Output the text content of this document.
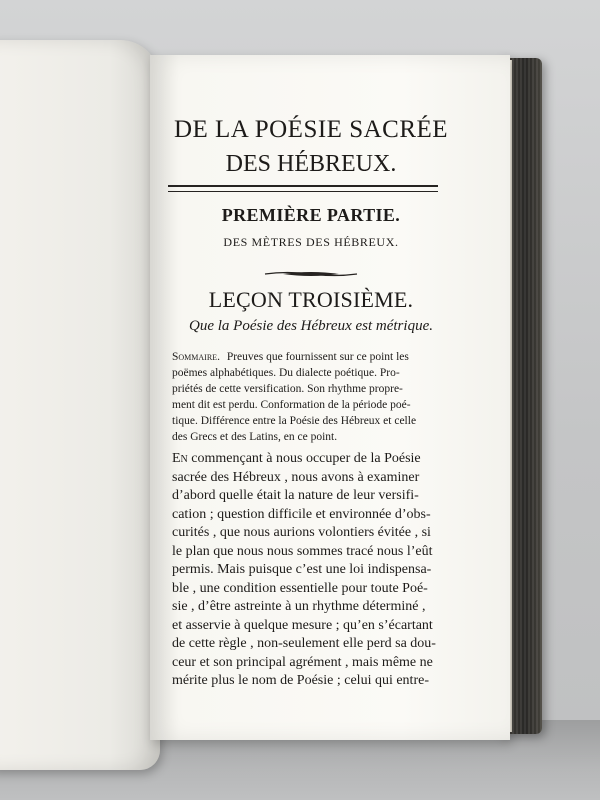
DE LA POÉSIE SACRÉE
DES HÉBREUX.
PREMIÈRE PARTIE.
DES MÈTRES DES HÉBREUX.
LEÇON TROISIÈME.
Que la Poésie des Hébreux est métrique.
Sommaire. Preuves que fournissent sur ce point les
poëmes alphabétiques. Du dialecte poétique. Pro-
priétés de cette versification. Son rhythme propre-
ment dit est perdu. Conformation de la période poé-
tique. Différence entre la Poésie des Hébreux et celle
des Grecs et des Latins, en ce point.
En commençant à nous occuper de la Poésie
sacrée des Hébreux , nous avons à examiner
d’abord quelle était la nature de leur versifi-
cation ; question difficile et environnée d’obs-
curités , que nous aurions volontiers évitée , si
le plan que nous nous sommes tracé nous l’eût
permis. Mais puisque c’est une loi indispensa-
ble , une condition essentielle pour toute Poé-
sie , d’être astreinte à un rhythme déterminé ,
et asservie à quelque mesure ; qu’en s’écartant
de cette règle , non-seulement elle perd sa dou-
ceur et son principal agrément , mais même ne
mérite plus le nom de Poésie ; celui qui entre-
